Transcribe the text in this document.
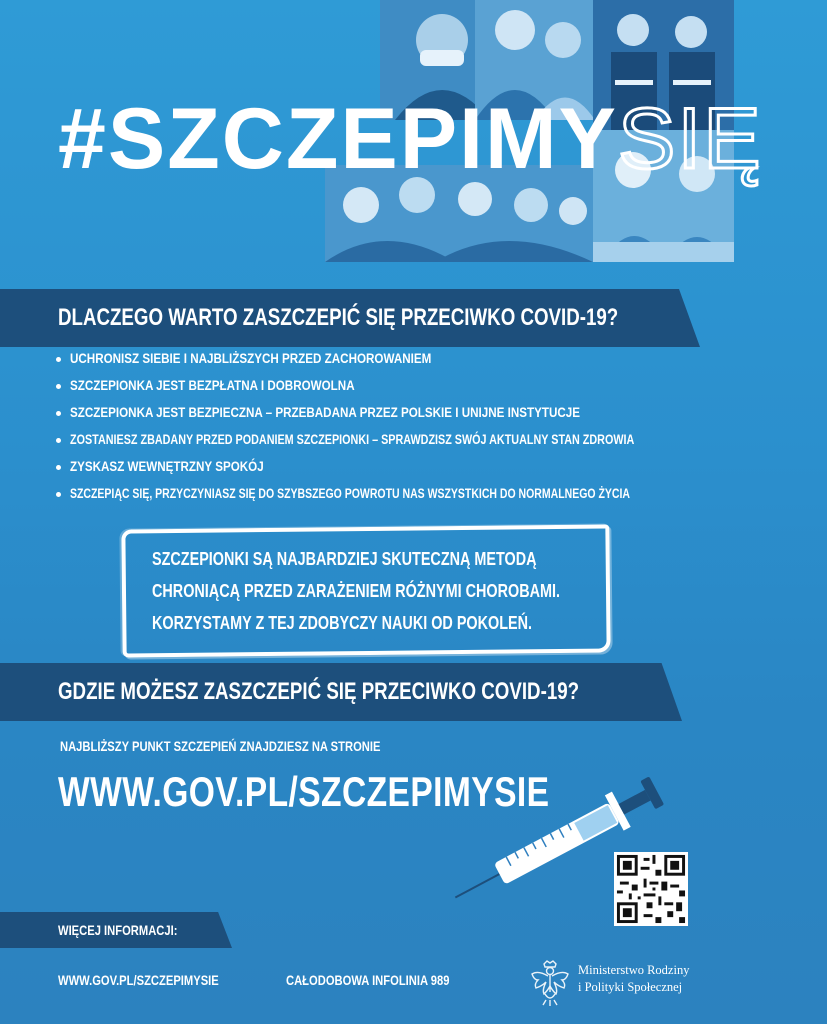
#SZCZEPIMYSIĘ
DLACZEGO WARTO ZASZCZEPIĆ SIĘ PRZECIWKO COVID-19?
UCHRONISZ SIEBIE I NAJBLIŻSZYCH PRZED ZACHOROWANIEM
SZCZEPIONKA JEST BEZPŁATNA I DOBROWOLNA
SZCZEPIONKA JEST BEZPIECZNA – PRZEBADANA PRZEZ POLSKIE I UNIJNE INSTYTUCJE
ZOSTANIESZ ZBADANY PRZED PODANIEM SZCZEPIONKI – SPRAWDZISZ SWÓJ AKTUALNY STAN ZDROWIA
ZYSKASZ WEWNĘTRZNY SPOKÓJ
SZCZEPIĄC SIĘ, PRZYCZYNIASZ SIĘ DO SZYBSZEGO POWROTU NAS WSZYSTKICH DO NORMALNEGO ŻYCIA
SZCZEPIONKI SĄ NAJBARDZIEJ SKUTECZNĄ METODĄ
CHRONIĄCĄ PRZED ZARAŻENIEM RÓŻNYMI CHOROBAMI.
KORZYSTAMY Z TEJ ZDOBYCZY NAUKI OD POKOLEŃ.
GDZIE MOŻESZ ZASZCZEPIĆ SIĘ PRZECIWKO COVID-19?
NAJBLIŻSZY PUNKT SZCZEPIEŃ ZNAJDZIESZ NA STRONIE
WWW.GOV.PL/SZCZEPIMYSIE
WIĘCEJ INFORMACJI:
WWW.GOV.PL/SZCZEPIMYSIE	CAŁODOBOWA INFOLINIA 989
Ministerstwo Rodziny
i Polityki Społecznej
